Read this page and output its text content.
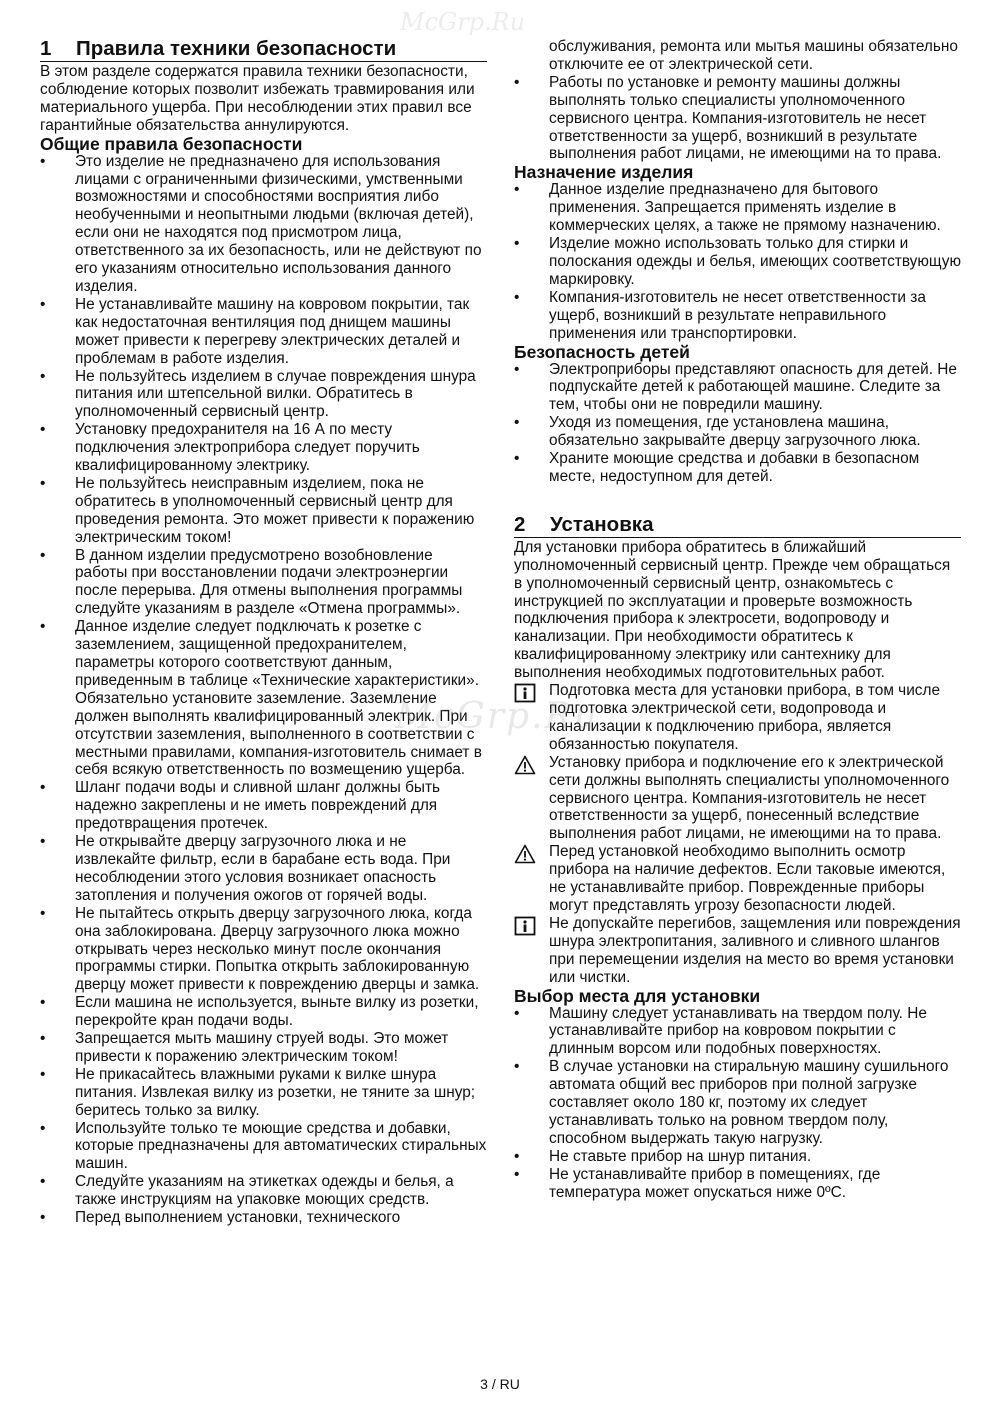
McGrp.Ru
1 Правила техники безопасности

В этом разделе содержатся правила техники безопасности, соблюдение которых позволит избежать травмирования или материального ущерба. При несоблюдении этих правил все гарантийные обязательства аннулируются.

Общие правила безопасности
• Это изделие не предназначено для использования лицами с ограниченными физическими, умственными возможностями и способностями восприятия либо необученными и неопытными людьми (включая детей), если они не находятся под присмотром лица, ответственного за их безопасность, или не действуют по его указаниям относительно использования данного изделия.
• Не устанавливайте машину на ковровом покрытии, так как недостаточная вентиляция под днищем машины может привести к перегреву электрических деталей и проблемам в работе изделия.
• Не пользуйтесь изделием в случае повреждения шнура питания или штепсельной вилки. Обратитесь в уполномоченный сервисный центр.
• Установку предохранителя на 16 А по месту подключения электроприбора следует поручить квалифицированному электрику.
• Не пользуйтесь неисправным изделием, пока не обратитесь в уполномоченный сервисный центр для проведения ремонта. Это может привести к поражению электрическим током!
• В данном изделии предусмотрено возобновление работы при восстановлении подачи электроэнергии после перерыва. Для отмены выполнения программы следуйте указаниям в разделе «Отмена программы».
• Данное изделие следует подключать к розетке с заземлением, защищенной предохранителем, параметры которого соответствуют данным, приведенным в таблице «Технические характеристики». Обязательно установите заземление. Заземление должен выполнять квалифицированный электрик. При отсутствии заземления, выполненного в соответствии с местными правилами, компания-изготовитель снимает в себя всякую ответственность по возмещению ущерба.
• Шланг подачи воды и сливной шланг должны быть надежно закреплены и не иметь повреждений для предотвращения протечек.
• Не открывайте дверцу загрузочного люка и не извлекайте фильтр, если в барабане есть вода. При несоблюдении этого условия возникает опасность затопления и получения ожогов от горячей воды.
• Не пытайтесь открыть дверцу загрузочного люка, когда она заблокирована. Дверцу загрузочного люка можно открывать через несколько минут после окончания программы стирки. Попытка открыть заблокированную дверцу может привести к повреждению дверцы и замка.
• Если машина не используется, выньте вилку из розетки, перекройте кран подачи воды.
• Запрещается мыть машину струей воды. Это может привести к поражению электрическим током!
• Не прикасайтесь влажными руками к вилке шнура питания. Извлекая вилку из розетки, не тяните за шнур; беритесь только за вилку.
• Используйте только те моющие средства и добавки, которые предназначены для автоматических стиральных машин.
• Следуйте указаниям на этикетках одежды и белья, а также инструкциям на упаковке моющих средств.
• Перед выполнением установки, технического

обслуживания, ремонта или мытья машины обязательно отключите ее от электрической сети.

• Работы по установке и ремонту машины должны выполнять только специалисты уполномоченного сервисного центра. Компания-изготовитель не несет ответственности за ущерб, возникший в результате выполнения работ лицами, не имеющими на то права.
Назначение изделия
• Данное изделие предназначено для бытового применения. Запрещается применять изделие в коммерческих целях, а также не прямому назначению.
• Изделие можно использовать только для стирки и полоскания одежды и белья, имеющих соответствующую маркировку.
• Компания-изготовитель не несет ответственности за ущерб, возникший в результате неправильного применения или транспортировки.
Безопасность детей
• Электроприборы представляют опасность для детей. Не подпускайте детей к работающей машине. Следите за тем, чтобы они не повредили машину.
• Уходя из помещения, где установлена машина, обязательно закрывайте дверцу загрузочного люка.
• Храните моющие средства и добавки в безопасном месте, недоступном для детей.
2 Установка

Для установки прибора обратитесь в ближайший уполномоченный сервисный центр. Прежде чем обращаться в уполномоченный сервисный центр, ознакомьтесь с инструкцией по эксплуатации и проверьте возможность подключения прибора к электросети, водопроводу и канализации. При необходимости обратитесь к квалифицированному электрику или сантехнику для выполнения необходимых подготовительных работ.

Подготовка места для установки прибора, в том числе подготовка электрической сети, водопровода и канализации к подключению прибора, является обязанностью покупателя.

Установку прибора и подключение его к электрической сети должны выполнять специалисты уполномоченного сервисного центра. Компания-изготовитель не несет ответственности за ущерб, понесенный вследствие выполнения работ лицами, не имеющими на то права.

Перед установкой необходимо выполнить осмотр прибора на наличие дефектов. Если таковые имеются, не устанавливайте прибор. Поврежденные приборы могут представлять угрозу безопасности людей.

Не допускайте перегибов, защемления или повреждения шнура электропитания, заливного и сливного шлангов при перемещении изделия на место во время установки или чистки.

Выбор места для установки
• Машину следует устанавливать на твердом полу. Не устанавливайте прибор на ковровом покрытии с длинным ворсом или подобных поверхностях.
• В случае установки на стиральную машину сушильного автомата общий вес приборов при полной загрузке составляет около 180 кг, поэтому их следует устанавливать только на ровном твердом полу, способном выдержать такую нагрузку.
• Не ставьте прибор на шнур питания.
• Не устанавливайте прибор в помещениях, где температура может опускаться ниже 0ºС.
McGrp.Ru
3 / RU
